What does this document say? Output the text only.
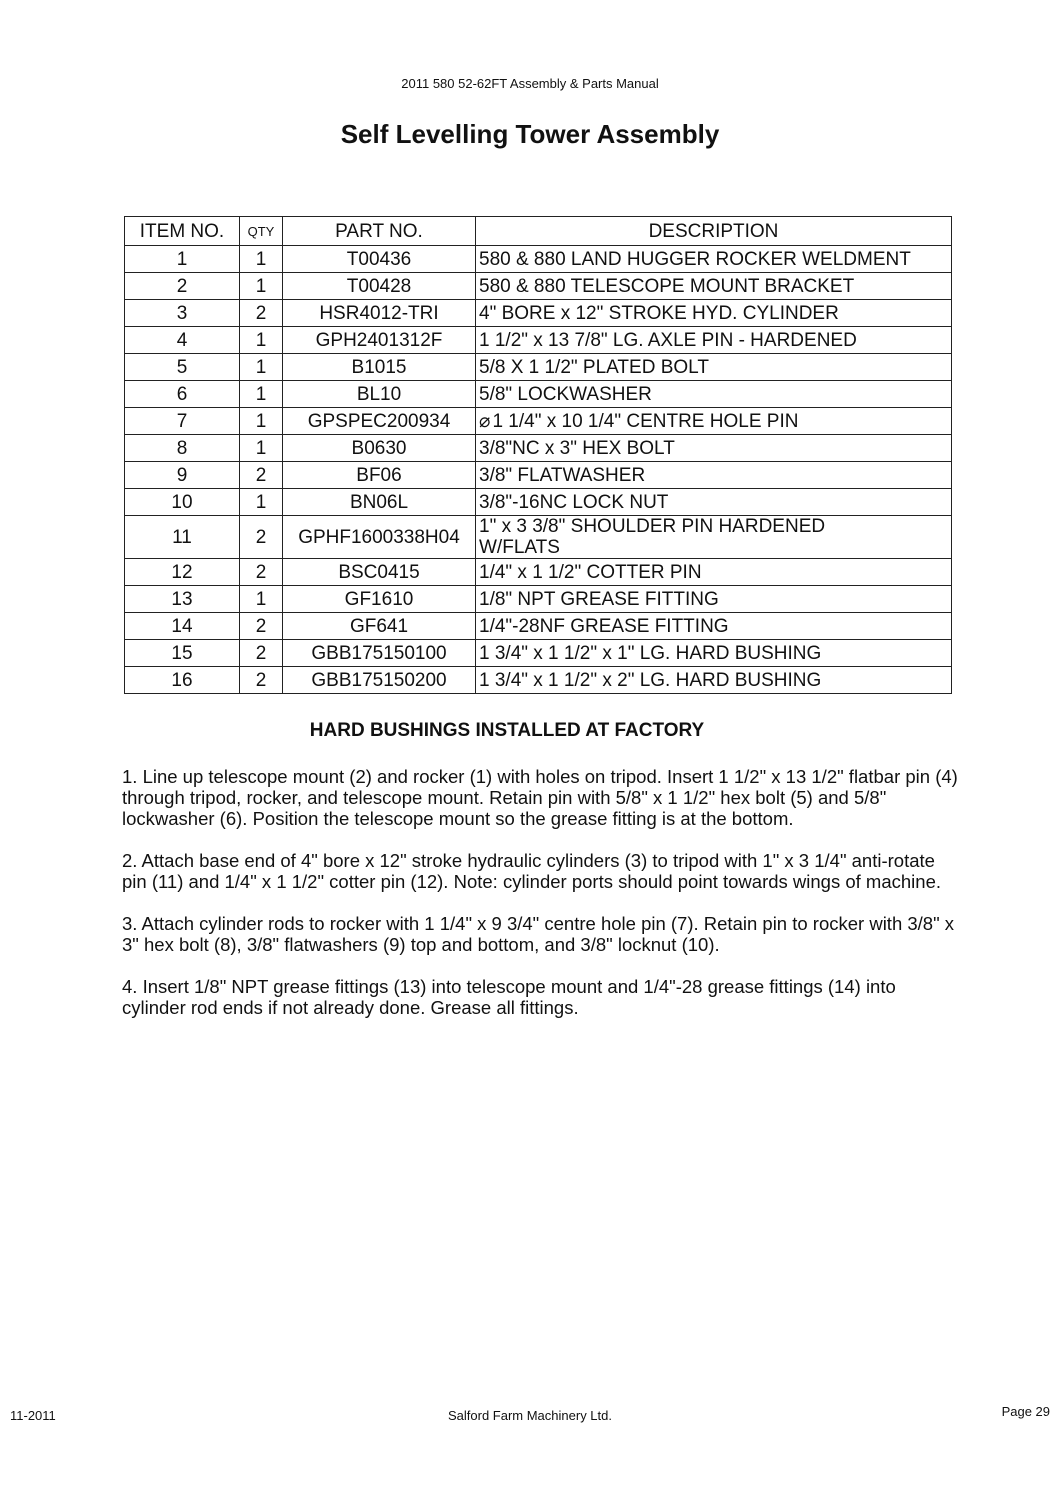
2011 580 52-62FT Assembly & Parts Manual
Self Levelling Tower Assembly
ITEM NO.	QTY	PART NO.	DESCRIPTION
1	1	T00436	580 & 880 LAND HUGGER ROCKER WELDMENT
2	1	T00428	580 & 880 TELESCOPE MOUNT BRACKET
3	2	HSR4012-TRI	4" BORE x 12" STROKE HYD. CYLINDER
4	1	GPH2401312F	1 1/2" x 13 7/8" LG. AXLE PIN - HARDENED
5	1	B1015	5/8 X 1 1/2" PLATED BOLT
6	1	BL10	5/8" LOCKWASHER
7	1	GPSPEC200934	⌀ 1 1/4" x 10 1/4" CENTRE HOLE PIN
8	1	B0630	3/8"NC x 3" HEX BOLT
9	2	BF06	3/8" FLATWASHER
10	1	BN06L	3/8"-16NC LOCK NUT
11	2	GPHF1600338H04	1" x 3 3/8" SHOULDER PIN HARDENED
W/FLATS
12	2	BSC0415	1/4" x 1 1/2" COTTER PIN
13	1	GF1610	1/8" NPT GREASE FITTING
14	2	GF641	1/4"-28NF GREASE FITTING
15	2	GBB175150100	1 3/4" x 1 1/2" x 1" LG. HARD BUSHING
16	2	GBB175150200	1 3/4" x 1 1/2" x 2" LG. HARD BUSHING
HARD BUSHINGS INSTALLED AT FACTORY

1. Line up telescope mount (2) and rocker (1) with holes on tripod. Insert 1 1/2" x 13 1/2" flatbar pin (4) through tripod, rocker, and telescope mount. Retain pin with 5/8" x 1 1/2" hex bolt (5) and 5/8" lockwasher (6). Position the telescope mount so the grease fitting is at the bottom.

2. Attach base end of 4" bore x 12" stroke hydraulic cylinders (3) to tripod with 1" x 3 1/4" anti-rotate pin (11) and 1/4" x 1 1/2" cotter pin (12). Note: cylinder ports should point towards wings of machine.

3. Attach cylinder rods to rocker with 1 1/4" x 9 3/4" centre hole pin (7). Retain pin to rocker with 3/8" x 3" hex bolt (8), 3/8" flatwashers (9) top and bottom, and 3/8" locknut (10).

4. Insert 1/8" NPT grease fittings (13) into telescope mount and 1/4"-28 grease fittings (14) into cylinder rod ends if not already done. Grease all fittings.

11-2011	Salford Farm Machinery Ltd.	Page 29
